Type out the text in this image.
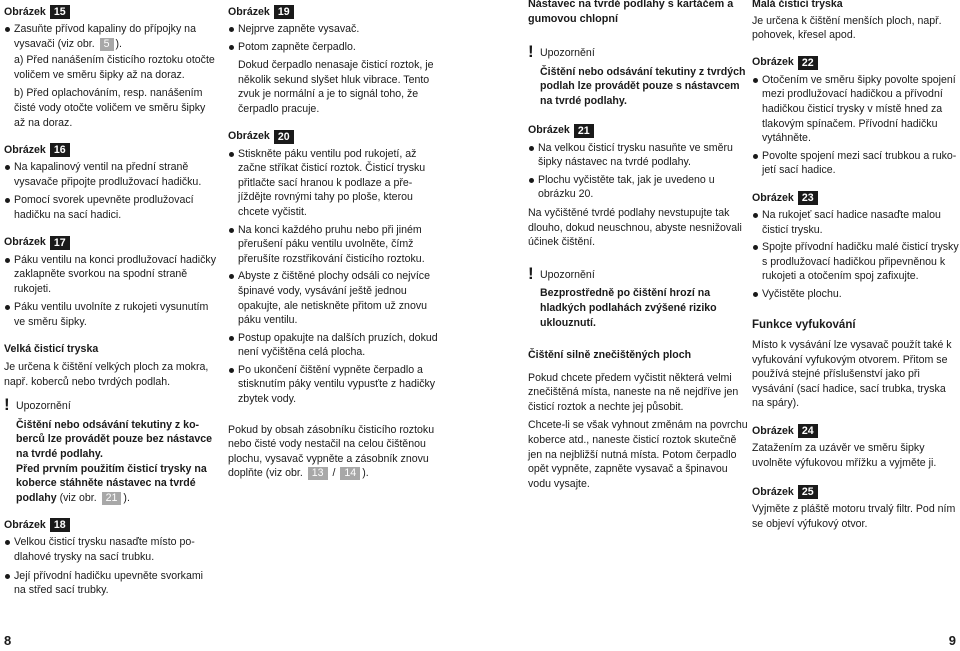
Obrázek 15
Zasuňte přívod kapaliny do přípojky na vysavači (viz obr. 5 ).
a) Před nanášením čisticího roztoku otočte voličem ve směru šipky až na doraz.
b) Před oplachováním, resp. nanášením čisté vody otočte voličem ve směru šipky až na doraz.
Obrázek 16
Na kapalinový ventil na přední straně vysavače připojte prodlužovací hadičku.
Pomocí svorek upevněte prodlužovací hadičku na sací hadici.
Obrázek 17
Páku ventilu na konci prodlužovací hadičky zaklapněte svorkou na spodní straně rukojeti.
Páku ventilu uvolníte z rukojeti vysunutím ve směru šipky.
Velká čisticí tryska
Je určena k čištění velkých ploch za mokra, např. koberců nebo tvrdých podlah.
! Upozornění
Čištění nebo odsávání tekutiny z koberců lze provádět pouze bez nástavce na tvrdé podlahy.
Před prvním použitím čisticí trysky na koberce stáhněte nástavec na tvrdé podlahy (viz obr. 21 ).
Obrázek 18
Velkou čisticí trysku nasaďte místo podlahové trysky na sací trubku.
Její přívodní hadičku upevněte svorkami na střed sací trubky.
Obrázek 19
Nejprve zapněte vysavač.
Potom zapněte čerpadlo.
Dokud čerpadlo nenasaje čisticí roztok, je několik sekund slyšet hluk vibrace. Tento zvuk je normální a je to signál toho, že čerpadlo pracuje.
Obrázek 20
Stiskněte páku ventilu pod rukojetí, až začne stříkat čisticí roztok. Čisticí trysku přitlačte sací hranou k podlaze a přejíždějte rovnými tahy po ploše, kterou chcete vyčistit.
Na konci každého pruhu nebo při jiném přerušení páku ventilu uvolněte, čímž přerušíte rozstřikování čisticího roztoku.
Abyste z čištěné plochy odsáli co nejvíce špinavé vody, vysávání ještě jednou opakujte, ale netiskněte přitom už znovu páku ventilu.
Postup opakujte na dalších pruzích, dokud není vyčištěna celá plocha.
Po ukončení čištění vypněte čerpadlo a stisknutím páky ventilu vypusťte z hadičky zbytek vody.
Pokud by obsah zásobníku čisticího roztoku nebo čisté vody nestačil na celou čištěnou plochu, vysavač vypněte a zásobník znovu doplňte (viz obr. 13 / 14 ).
Nástavec na tvrdé podlahy s kartáčem a gumovou chlopní
! Upozornění
Čištění nebo odsávání tekutiny z tvrdých podlah lze provádět pouze s nástavcem na tvrdé podlahy.
Obrázek 21
Na velkou čisticí trysku nasuňte ve směru šipky nástavec na tvrdé podlahy.
Plochu vyčistěte tak, jak je uvedeno u obrázku 20.
Na vyčištěné tvrdé podlahy nevstupujte tak dlouho, dokud neuschnou, abyste nesnižovali účinek čištění.
! Upozornění
Bezprostředně po čištění hrozí na hladkých podlahách zvýšené riziko uklouznutí.
Čištění silně znečištěných ploch
Pokud chcete předem vyčistit některá velmi znečištěná místa, naneste na ně nejdříve jen čisticí roztok a nechte jej působit.
Chcete-li se však vyhnout změnám na povrchu koberce atd., naneste čisticí roztok skutečně jen na nejbližší nutná místa. Potom čerpadlo opět vypněte, zapněte vysavač a špinavou vodu vysajte.
Malá čisticí tryska
Je určena k čištění menších ploch, např. pohovek, křesel apod.
Obrázek 22
Otočením ve směru šipky povolte spojení mezi prodlužovací hadičkou a přívodní hadičkou čisticí trysky v místě hned za tlakovým spínačem. Přívodní hadičku vytáhněte.
Povolte spojení mezi sací trubkou a rukojetí sací hadice.
Obrázek 23
Na rukojeť sací hadice nasaďte malou čisticí trysku.
Spojte přívodní hadičku malé čisticí trysky s prodlužovací hadičkou připevněnou k rukojeti a otočením spoj zafixujte.
Vyčistěte plochu.
Funkce vyfukování
Místo k vysávání lze vysavač použít také k vyfukování vyfukovým otvorem. Přitom se používá stejné příslušenství jako při vysávání (sací hadice, sací trubka, tryska na spáry).
Obrázek 24
Zatažením za uzávěr ve směru šipky uvolněte výfukovou mřížku a vyjměte ji.
Obrázek 25
Vyjměte z pláště motoru trvalý filtr. Pod ním se objeví výfukový otvor.
8	9
